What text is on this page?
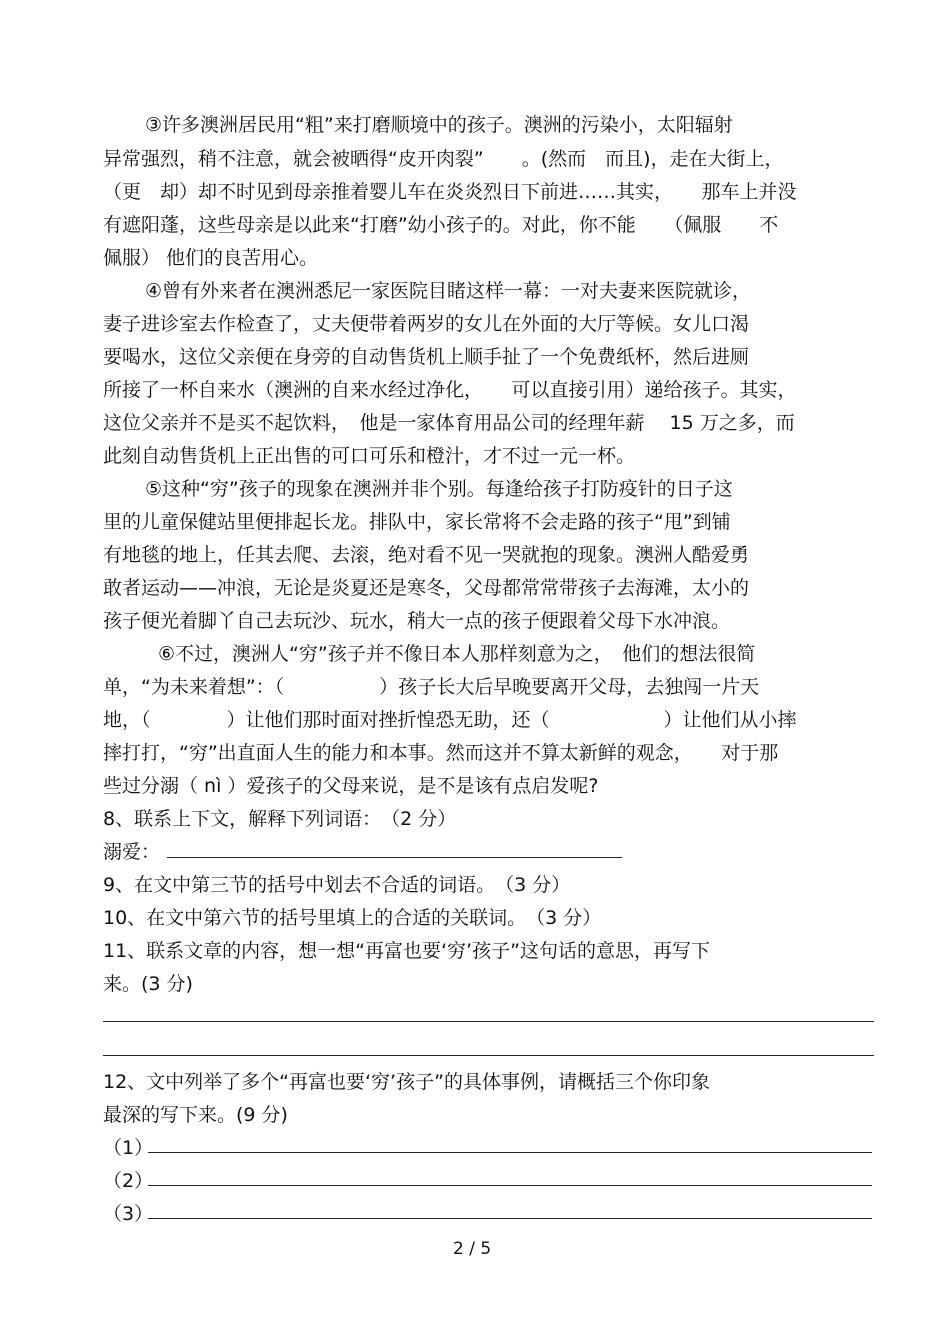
③许多澳洲居民用“粗”来打磨顺境中的孩子。澳洲的污染小，太阳辐射
异常强烈，稍不注意，就会被晒得“皮开肉裂”　　。(然而　而且)，走在大街上，
（更　却）却不时见到母亲推着婴儿车在炎炎烈日下前进……其实，　　那车上并没
有遮阳蓬，这些母亲是以此来“打磨”幼小孩子的。对此，你不能　　（佩服　　不
佩服） 他们的良苦用心。
④曾有外来者在澳洲悉尼一家医院目睹这样一幕：一对夫妻来医院就诊，
妻子进诊室去作检查了，丈夫便带着两岁的女儿在外面的大厅等候。女儿口渴
要喝水，这位父亲便在身旁的自动售货机上顺手扯了一个免费纸杯，然后进厕
所接了一杯自来水（澳洲的自来水经过净化，　　可以直接引用）递给孩子。其实，
这位父亲并不是买不起饮料，　他是一家体育用品公司的经理年薪　 15 万之多，而
此刻自动售货机上正出售的可口可乐和橙汁，才不过一元一杯。
⑤这种“穷”孩子的现象在澳洲并非个别。每逢给孩子打防疫针的日子这
里的儿童保健站里便排起长龙。排队中，家长常将不会走路的孩子“甩”到铺
有地毯的地上，任其去爬、去滚，绝对看不见一哭就抱的现象。澳洲人酷爱勇
敢者运动——冲浪，无论是炎夏还是寒冬，父母都常常带孩子去海滩，太小的
孩子便光着脚丫自己去玩沙、玩水，稍大一点的孩子便跟着父母下水冲浪。
⑥不过，澳洲人“穷”孩子并不像日本人那样刻意为之，　他们的想法很简
单，“为未来着想”：（　　　　　）孩子长大后早晚要离开父母，去独闯一片天
地，（　　　　）让他们那时面对挫折惶恐无助，还（　　　　　　）让他们从小摔
摔打打，“穷”出直面人生的能力和本事。然而这并不算太新鲜的观念，　　对于那
些过分溺（ nì ）爱孩子的父母来说，是不是该有点启发呢?
8、联系上下文，解释下列词语：　（2 分）
溺爱：
9、在文中第三节的括号中划去不合适的词语。　（3 分）
10、在文中第六节的括号里填上的合适的关联词。　（3 分）
11、联系文章的内容，想一想“再富也要‘穷’孩子”这句话的意思，再写下
来。(3 分)
12、文中列举了多个“再富也要‘穷’孩子”的具体事例，请概括三个你印象
最深的写下来。(9 分)
（1）
（2）
（3）
2 / 5
